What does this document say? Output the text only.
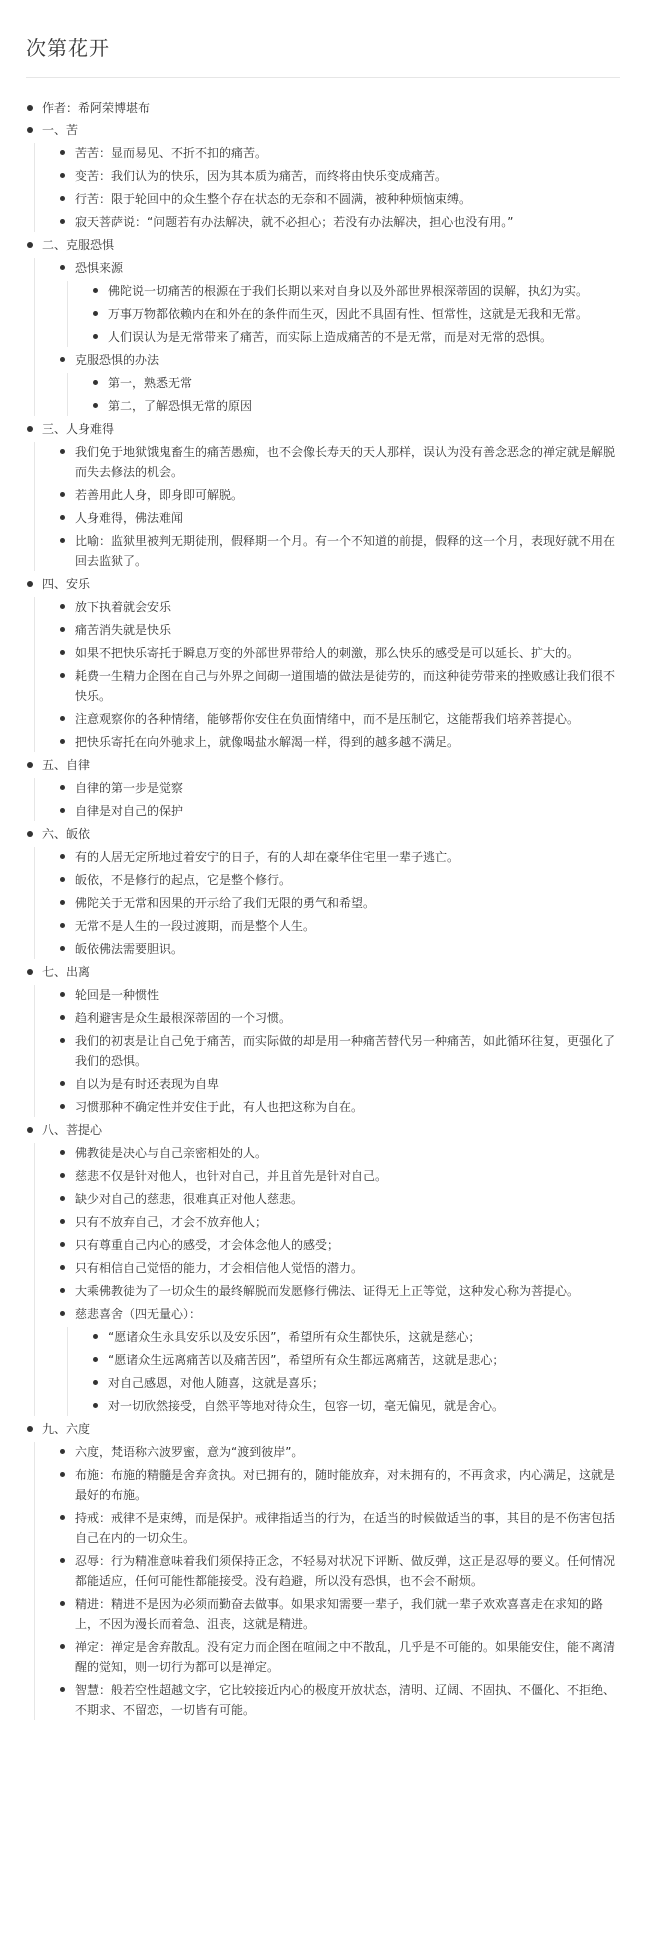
次第花开
作者：希阿荣博堪布
一、苦
苦苦：显而易见、不折不扣的痛苦。
变苦：我们认为的快乐，因为其本质为痛苦，而终将由快乐变成痛苦。
行苦：限于轮回中的众生整个存在状态的无奈和不圆满，被种种烦恼束缚。
寂天菩萨说：“问题若有办法解决，就不必担心；若没有办法解决，担心也没有用。”
二、克服恐惧
恐惧来源
佛陀说一切痛苦的根源在于我们长期以来对自身以及外部世界根深蒂固的误解，执幻为实。
万事万物都依赖内在和外在的条件而生灭，因此不具固有性、恒常性，这就是无我和无常。
人们误认为是无常带来了痛苦，而实际上造成痛苦的不是无常，而是对无常的恐惧。
克服恐惧的办法
第一，熟悉无常
第二，了解恐惧无常的原因
三、人身难得
我们免于地狱饿鬼畜生的痛苦愚痴，也不会像长寿天的天人那样，误认为没有善念恶念的禅定就是解脱而失去修法的机会。
若善用此人身，即身即可解脱。
人身难得，佛法难闻
比喻：监狱里被判无期徒刑，假释期一个月。有一个不知道的前提，假释的这一个月，表现好就不用在回去监狱了。
四、安乐
放下执着就会安乐
痛苦消失就是快乐
如果不把快乐寄托于瞬息万变的外部世界带给人的刺激，那么快乐的感受是可以延长、扩大的。
耗费一生精力企图在自己与外界之间砌一道围墙的做法是徒劳的，而这种徒劳带来的挫败感让我们很不快乐。
注意观察你的各种情绪，能够帮你安住在负面情绪中，而不是压制它，这能帮我们培养菩提心。
把快乐寄托在向外驰求上，就像喝盐水解渴一样，得到的越多越不满足。
五、自律
自律的第一步是觉察
自律是对自己的保护
六、皈依
有的人居无定所地过着安宁的日子，有的人却在豪华住宅里一辈子逃亡。
皈依，不是修行的起点，它是整个修行。
佛陀关于无常和因果的开示给了我们无限的勇气和希望。
无常不是人生的一段过渡期，而是整个人生。
皈依佛法需要胆识。
七、出离
轮回是一种惯性
趋利避害是众生最根深蒂固的一个习惯。
我们的初衷是让自己免于痛苦，而实际做的却是用一种痛苦替代另一种痛苦，如此循环往复，更强化了我们的恐惧。
自以为是有时还表现为自卑
习惯那种不确定性并安住于此，有人也把这称为自在。
八、菩提心
佛教徒是决心与自己亲密相处的人。
慈悲不仅是针对他人，也针对自己，并且首先是针对自己。
缺少对自己的慈悲，很难真正对他人慈悲。
只有不放弃自己，才会不放弃他人；
只有尊重自己内心的感受，才会体念他人的感受；
只有相信自己觉悟的能力，才会相信他人觉悟的潜力。
大乘佛教徒为了一切众生的最终解脱而发愿修行佛法、证得无上正等觉，这种发心称为菩提心。
慈悲喜舍（四无量心）：
“愿诸众生永具安乐以及安乐因”，希望所有众生都快乐，这就是慈心；
“愿诸众生远离痛苦以及痛苦因”，希望所有众生都远离痛苦，这就是悲心；
对自己感恩，对他人随喜，这就是喜乐；
对一切欣然接受，自然平等地对待众生，包容一切，毫无偏见，就是舍心。
九、六度
六度，梵语称六波罗蜜，意为“渡到彼岸”。
布施：布施的精髓是舍弃贪执。对已拥有的，随时能放弃，对未拥有的，不再贪求，内心满足，这就是最好的布施。
持戒：戒律不是束缚，而是保护。戒律指适当的行为，在适当的时候做适当的事，其目的是不伤害包括自己在内的一切众生。
忍辱：行为精准意味着我们须保持正念，不轻易对状况下评断、做反弹，这正是忍辱的要义。任何情况都能适应，任何可能性都能接受。没有趋避，所以没有恐惧，也不会不耐烦。
精进：精进不是因为必须而勤奋去做事。如果求知需要一辈子，我们就一辈子欢欢喜喜走在求知的路上，不因为漫长而着急、沮丧，这就是精进。
禅定：禅定是舍弃散乱。没有定力而企图在喧闹之中不散乱，几乎是不可能的。如果能安住，能不离清醒的觉知，则一切行为都可以是禅定。
智慧：般若空性超越文字，它比较接近内心的极度开放状态，清明、辽阔、不固执、不僵化、不拒绝、不期求、不留恋，一切皆有可能。
